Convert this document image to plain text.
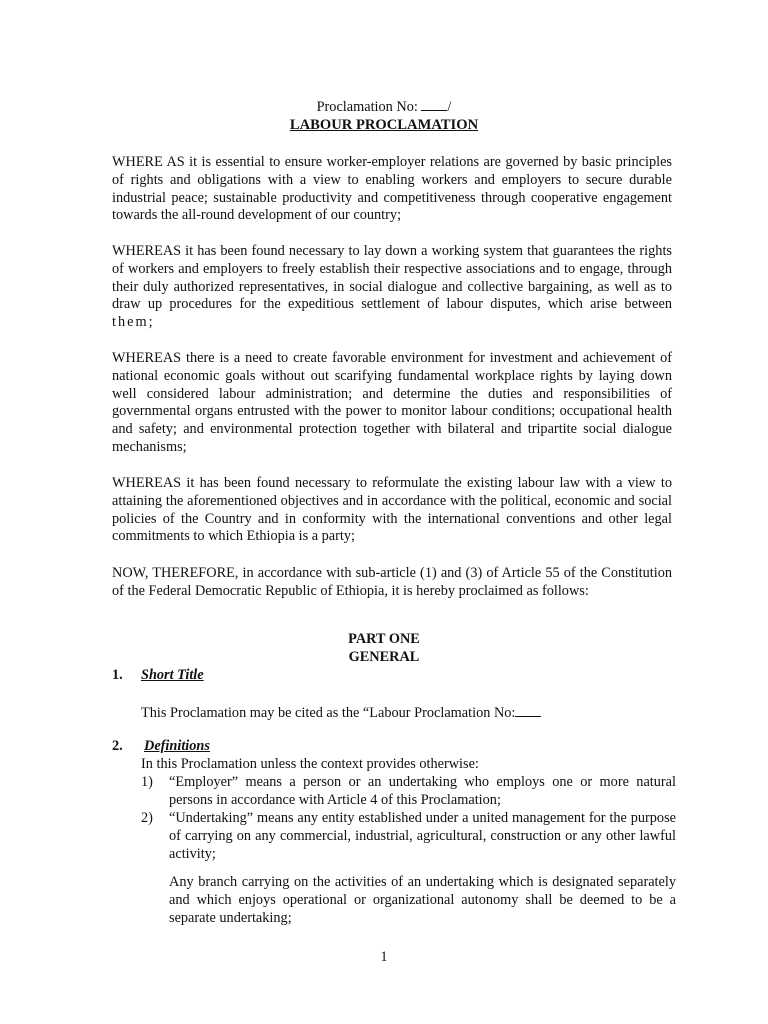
Proclamation No: /
LABOUR PROCLAMATION
WHERE AS it is essential to ensure worker-employer relations are governed by basic principles of rights and obligations with a view to enabling workers and employers to secure durable industrial peace; sustainable productivity and competitiveness through cooperative engagement towards the all-round development of our country;
WHEREAS it has been found necessary to lay down a working system that guarantees the rights of workers and employers to freely establish their respective associations and to engage, through their duly authorized representatives, in social dialogue and collective bargaining, as well as to draw up procedures for the expeditious settlement of labour disputes, which arise between them;
WHEREAS there is a need to create favorable environment for investment and achievement of national economic goals without out scarifying fundamental workplace rights by laying down well considered labour administration; and determine the duties and responsibilities of governmental organs entrusted with the power to monitor labour conditions; occupational health and safety; and environmental protection together with bilateral and tripartite social dialogue mechanisms;
WHEREAS it has been found necessary to reformulate the existing labour law with a view to attaining the aforementioned objectives and in accordance with the political, economic and social policies of the Country and in conformity with the international conventions and other legal commitments to which Ethiopia is a party;
NOW, THEREFORE, in accordance with sub-article (1) and (3) of Article 55 of the Constitution of the Federal Democratic Republic of Ethiopia, it is hereby proclaimed as follows:
PART ONE
GENERAL
1. Short Title
This Proclamation may be cited as the “Labour Proclamation No:
2. Definitions
In this Proclamation unless the context provides otherwise:
1) “Employer” means a person or an undertaking who employs one or more natural persons in accordance with Article 4 of this Proclamation;
2) “Undertaking” means any entity established under a united management for the purpose of carrying on any commercial, industrial, agricultural, construction or any other lawful activity;
Any branch carrying on the activities of an undertaking which is designated separately and which enjoys operational or organizational autonomy shall be deemed to be a separate undertaking;
1
